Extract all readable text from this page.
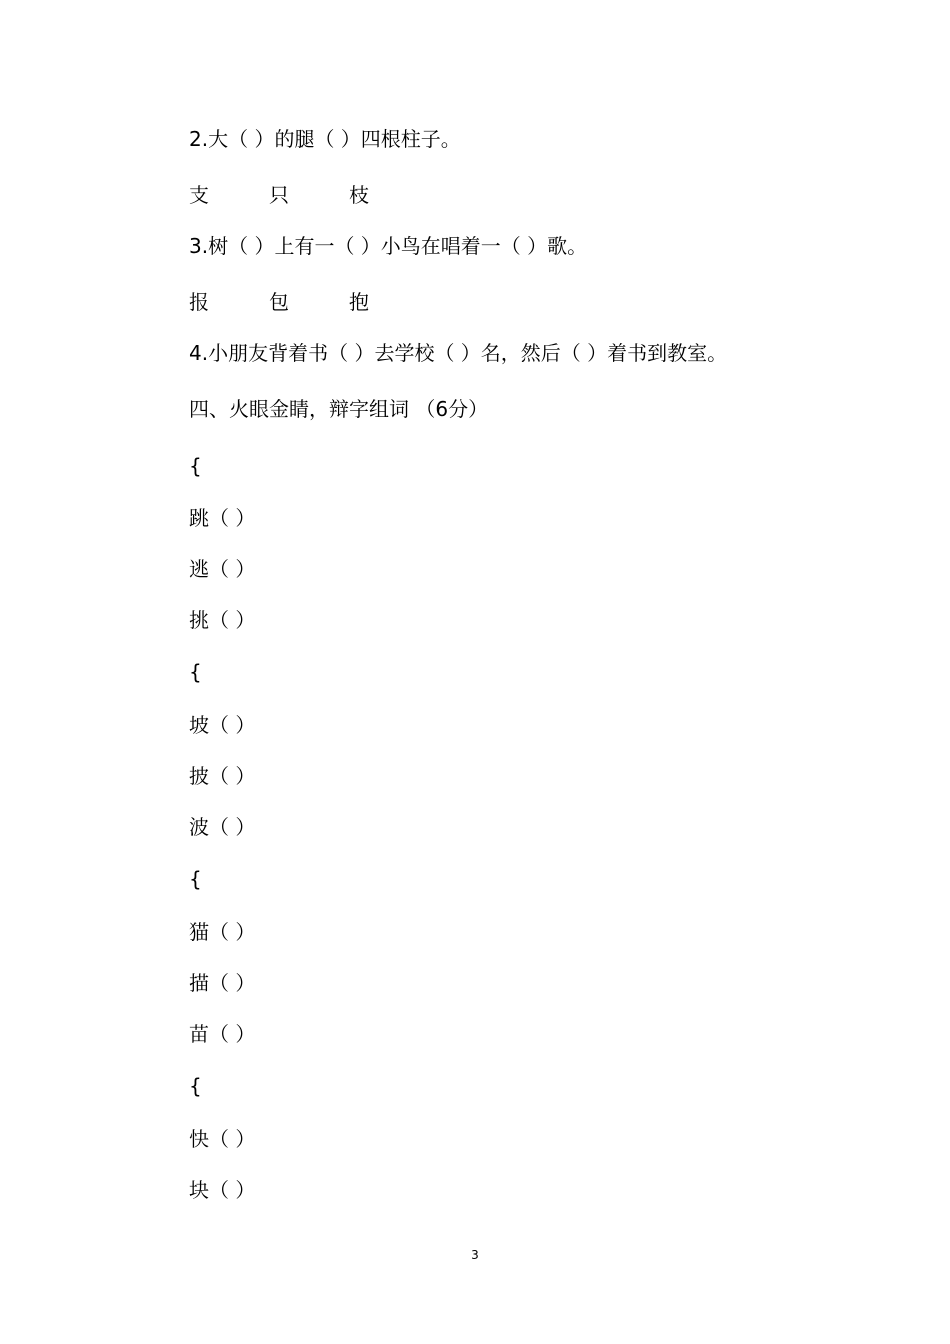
2.大（ ）的腿（ ）四根柱子。
支	只	枝
3.树（ ）上有一（ ）小鸟在唱着一（ ）歌。
报	包	抱
4.小朋友背着书（ ）去学校（ ）名，然后（ ）着书到教室。
四、火眼金睛，辩字组词 （6分）
{
跳（ ）
逃（ ）
挑（ ）
{
坡（ ）
披（ ）
波（ ）
{
猫（ ）
描（ ）
苗（ ）
{
快（ ）
块（ ）
3
